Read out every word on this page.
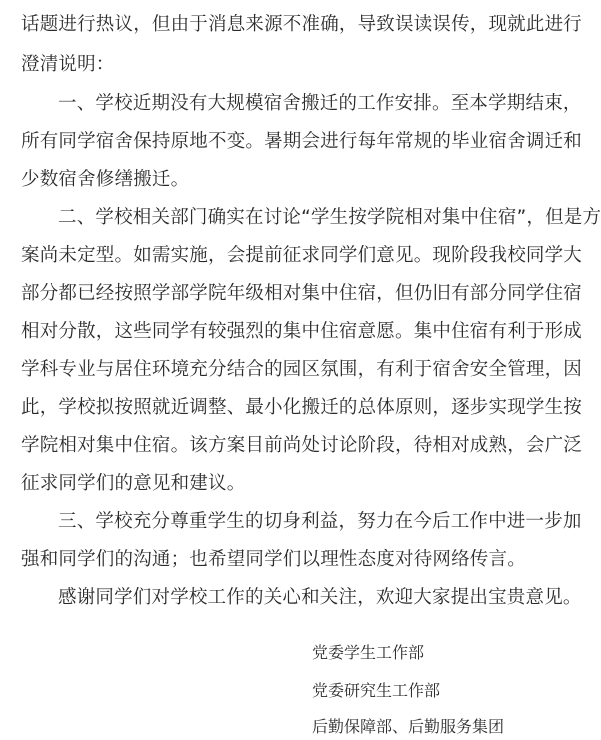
话题进行热议，但由于消息来源不准确，导致误读误传，现就此进行
澄清说明：
一、学校近期没有大规模宿舍搬迁的工作安排。至本学期结束，
所有同学宿舍保持原地不变。暑期会进行每年常规的毕业宿舍调迁和
少数宿舍修缮搬迁。
二、学校相关部门确实在讨论“学生按学院相对集中住宿”，但是方
案尚未定型。如需实施，会提前征求同学们意见。现阶段我校同学大
部分都已经按照学部学院年级相对集中住宿，但仍旧有部分同学住宿
相对分散，这些同学有较强烈的集中住宿意愿。集中住宿有利于形成
学科专业与居住环境充分结合的园区氛围，有利于宿舍安全管理，因
此，学校拟按照就近调整、最小化搬迁的总体原则，逐步实现学生按
学院相对集中住宿。该方案目前尚处讨论阶段，待相对成熟，会广泛
征求同学们的意见和建议。
三、学校充分尊重学生的切身利益，努力在今后工作中进一步加
强和同学们的沟通；也希望同学们以理性态度对待网络传言。
感谢同学们对学校工作的关心和关注，欢迎大家提出宝贵意见。
党委学生工作部
党委研究生工作部
后勤保障部、后勤服务集团
